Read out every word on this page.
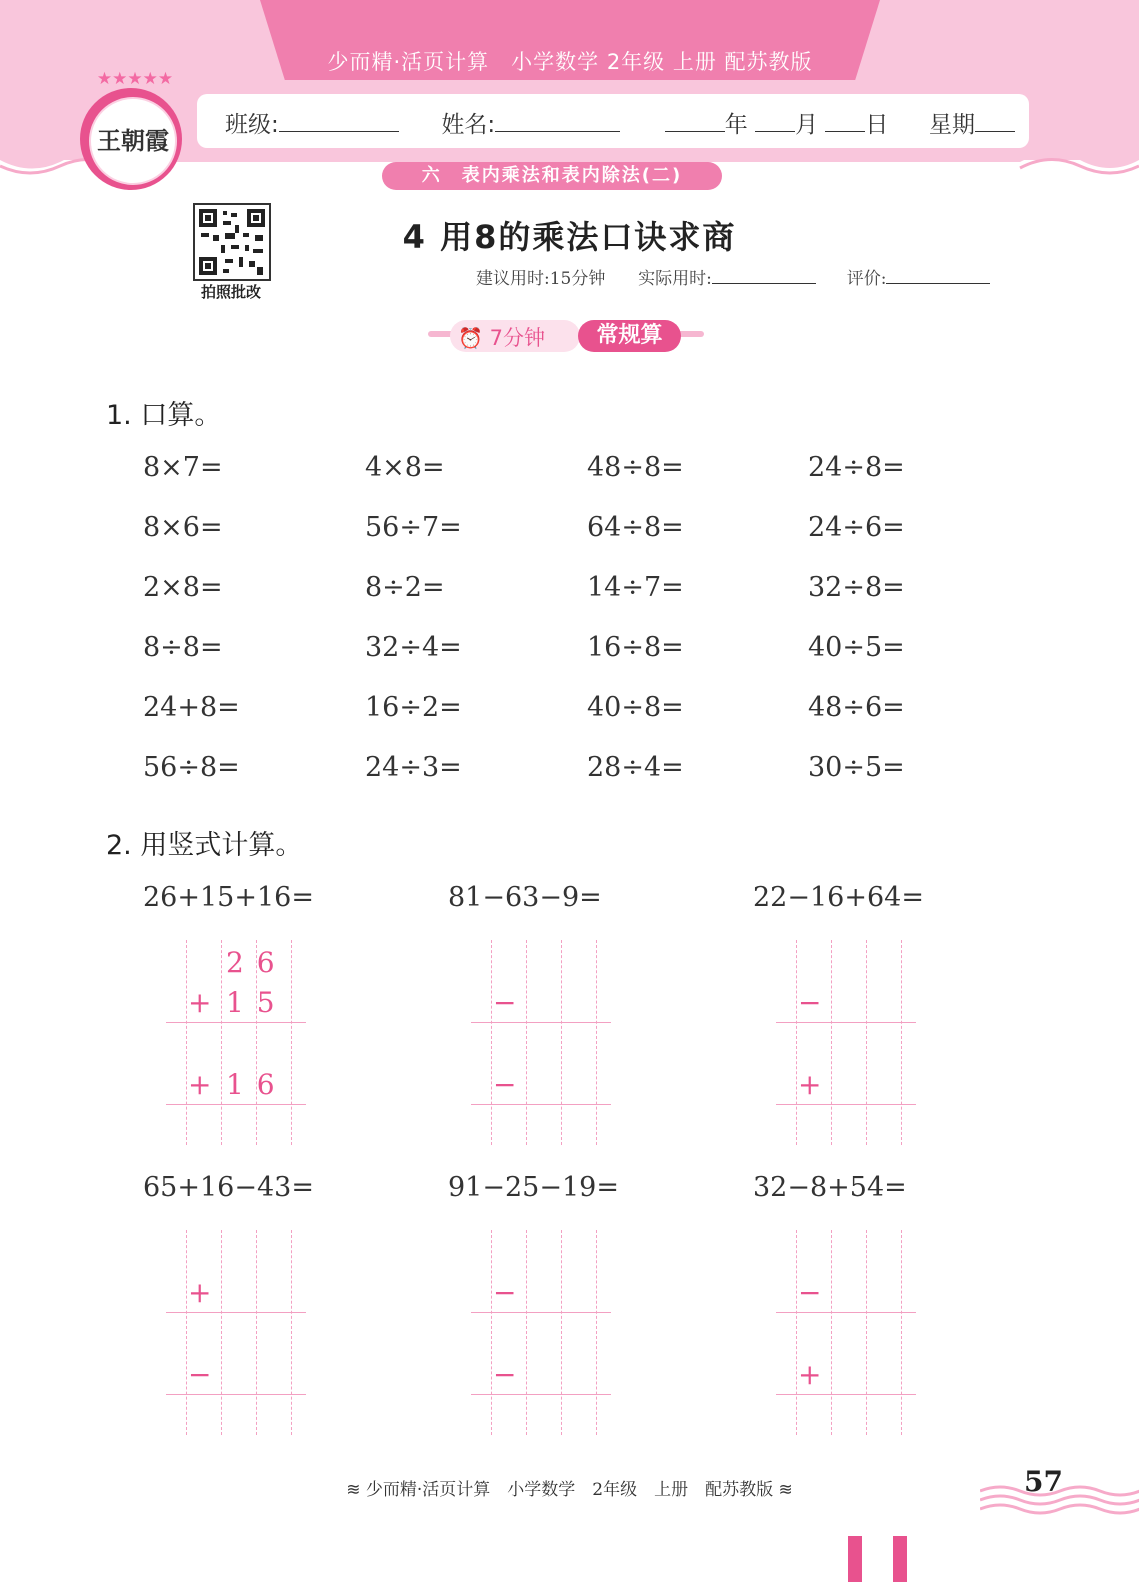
少而精·活页计算　小学数学 2年级 上册 配苏教版
班级:	姓名:	年 月 日 星期
★★★★★
王朝霞
六　表内乘法和表内除法(二)
拍照批改
4 用8的乘法口诀求商
建议用时:15分钟 实际用时:	评价:
⏰ 7分钟	常规算
1. 口算。
8×7=	4×8=	48÷8=	24÷8=
8×6=	56÷7=	64÷8=	24÷6=
2×8=	8÷2=	14÷7=	32÷8=
8÷8=	32÷4=	16÷8=	40÷5=
24+8=	16÷2=	40÷8=	48÷6=
56÷8=	24÷3=	28÷4=	30÷5=
2. 用竖式计算。
26+15+16=
+
+
2 6
1 5
1 6
81−63−9=
−
−
22−16+64=
−
+
65+16−43=
+
−
91−25−19=
−
−
32−8+54=
−
+
≋ 少而精·活页计算　小学数学　2年级　上册　配苏教版 ≋	57
